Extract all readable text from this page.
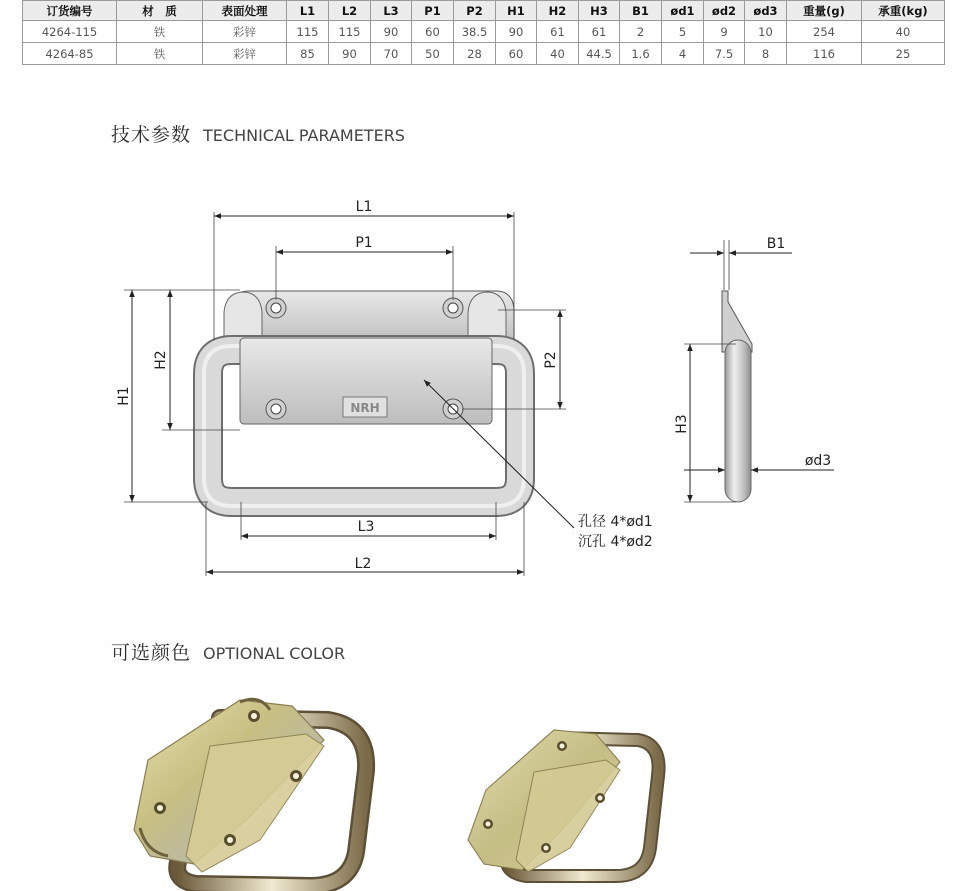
订货编号	材　质	表面处理	L1	L2	L3	P1	P2	H1	H2	H3	B1	ød1	ød2	ød3	重量(g)	承重(kg)
4264-115	铁	彩锌	115	115	90	60	38.5	90	61	61	2	5	9	10	254	40
4264-85	铁	彩锌	85	90	70	50	28	60	40	44.5	1.6	4	7.5	8	116	25
技术参数 TECHNICAL PARAMETERS
NRH
L1
P1
H1
H2	P2
L3
L2
孔径 4*ød1
沉孔 4*ød2
B1
H3
ød3
可选颜色 OPTIONAL COLOR
